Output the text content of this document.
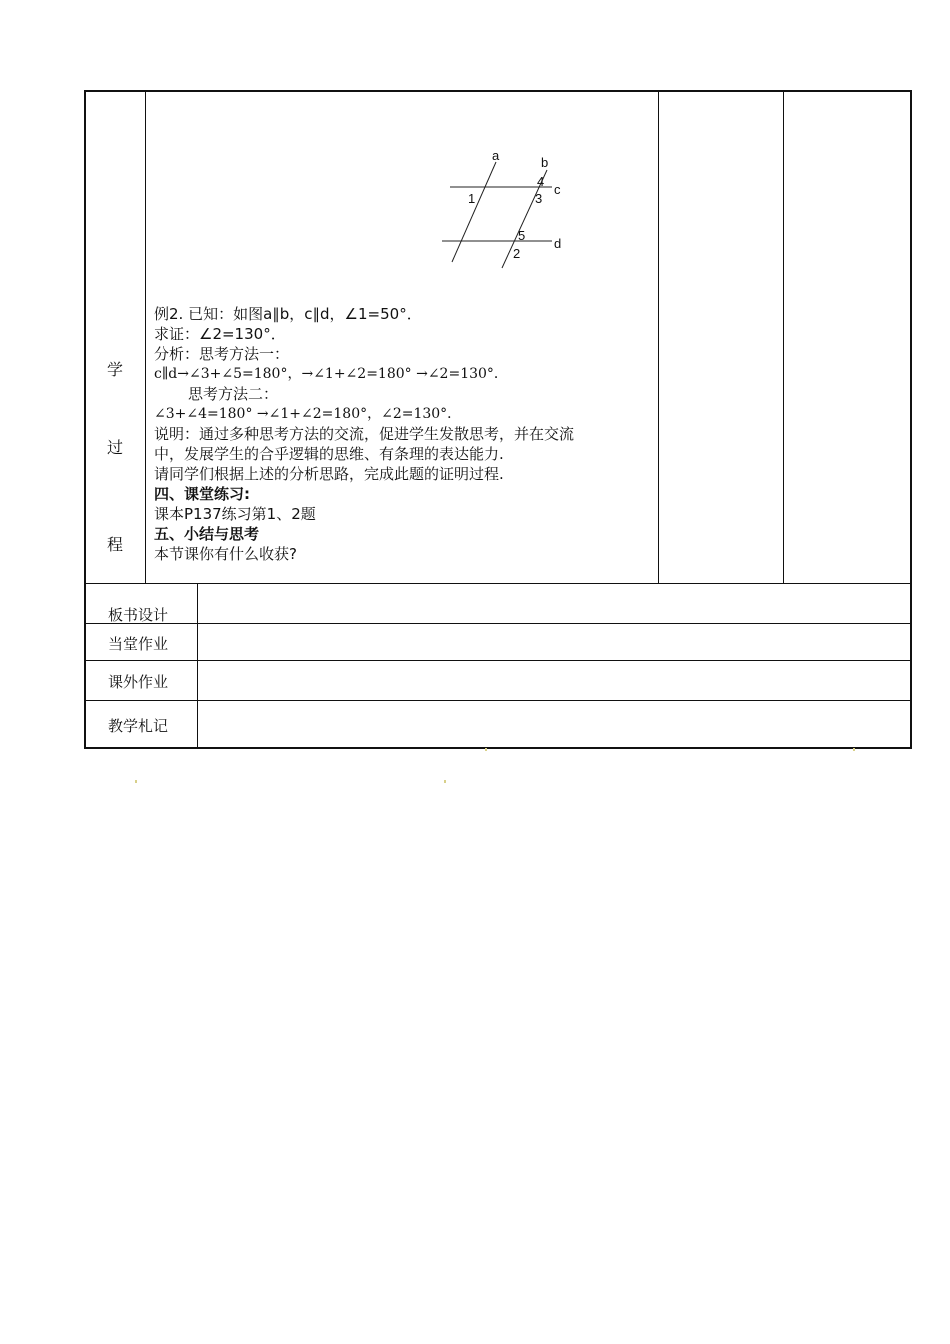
学
过
程
a	b
c
d
1	3
4
5
2
例2. 已知：如图a∥b，c∥d，∠1=50°．
求证：∠2=130°．
分析：思考方法一：
c∥d→∠3+∠5=180°，→∠1+∠2=180° →∠2=130°．
思考方法二：
∠3+∠4=180° →∠1+∠2=180°，∠2=130°．
说明：通过多种思考方法的交流，促进学生发散思考，并在交流
中，发展学生的合乎逻辑的思维、有条理的表达能力.
请同学们根据上述的分析思路，完成此题的证明过程.
四、课堂练习:
课本P137练习第1、2题
五、小结与思考
本节课你有什么收获?
板书设计
当堂作业
课外作业
教学札记
